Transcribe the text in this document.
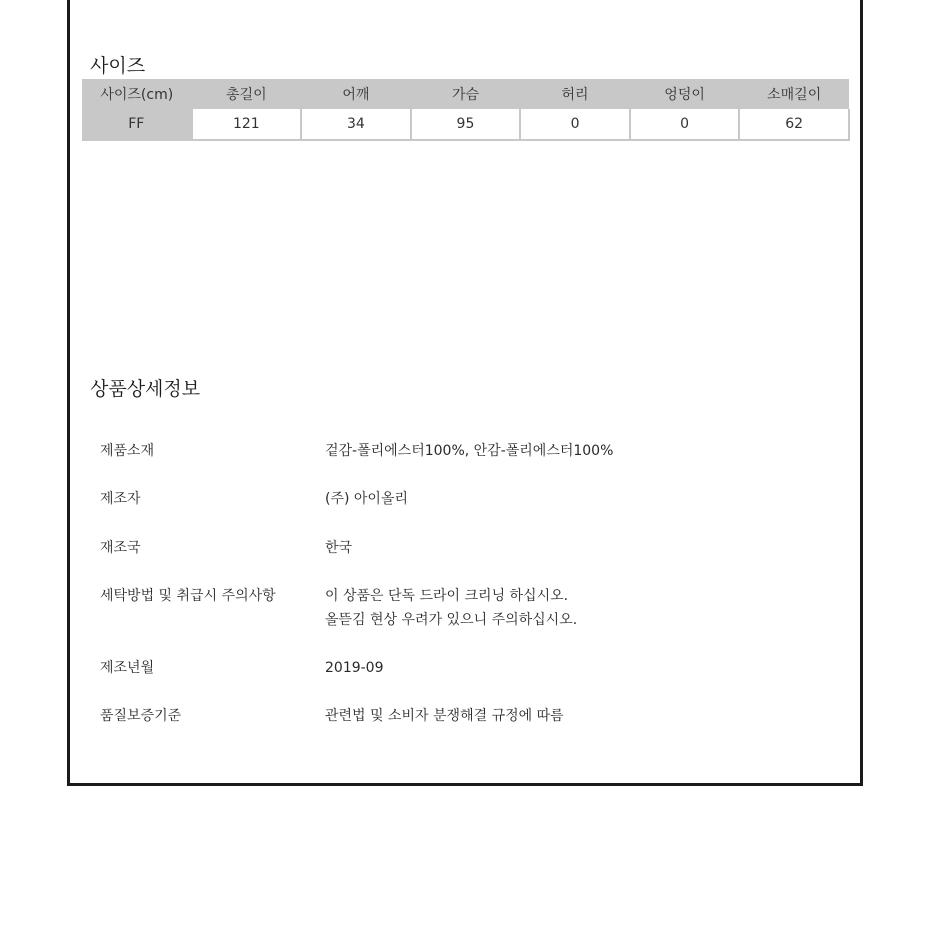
사이즈
사이즈(cm)	총길이	어깨	가슴	허리	엉덩이	소매길이
FF	121	34	95	0	0	62
상품상세정보
제품소재	겉감-폴리에스터100%, 안감-폴리에스터100%
제조자	(주) 아이올리
재조국	한국
세탁방법 및 취급시 주의사항	이 상품은 단독 드라이 크리닝 하십시오.
올뜯김 현상 우려가 있으니 주의하십시오.
제조년월	2019-09
품질보증기준	관련법 및 소비자 분쟁해결 규정에 따름
